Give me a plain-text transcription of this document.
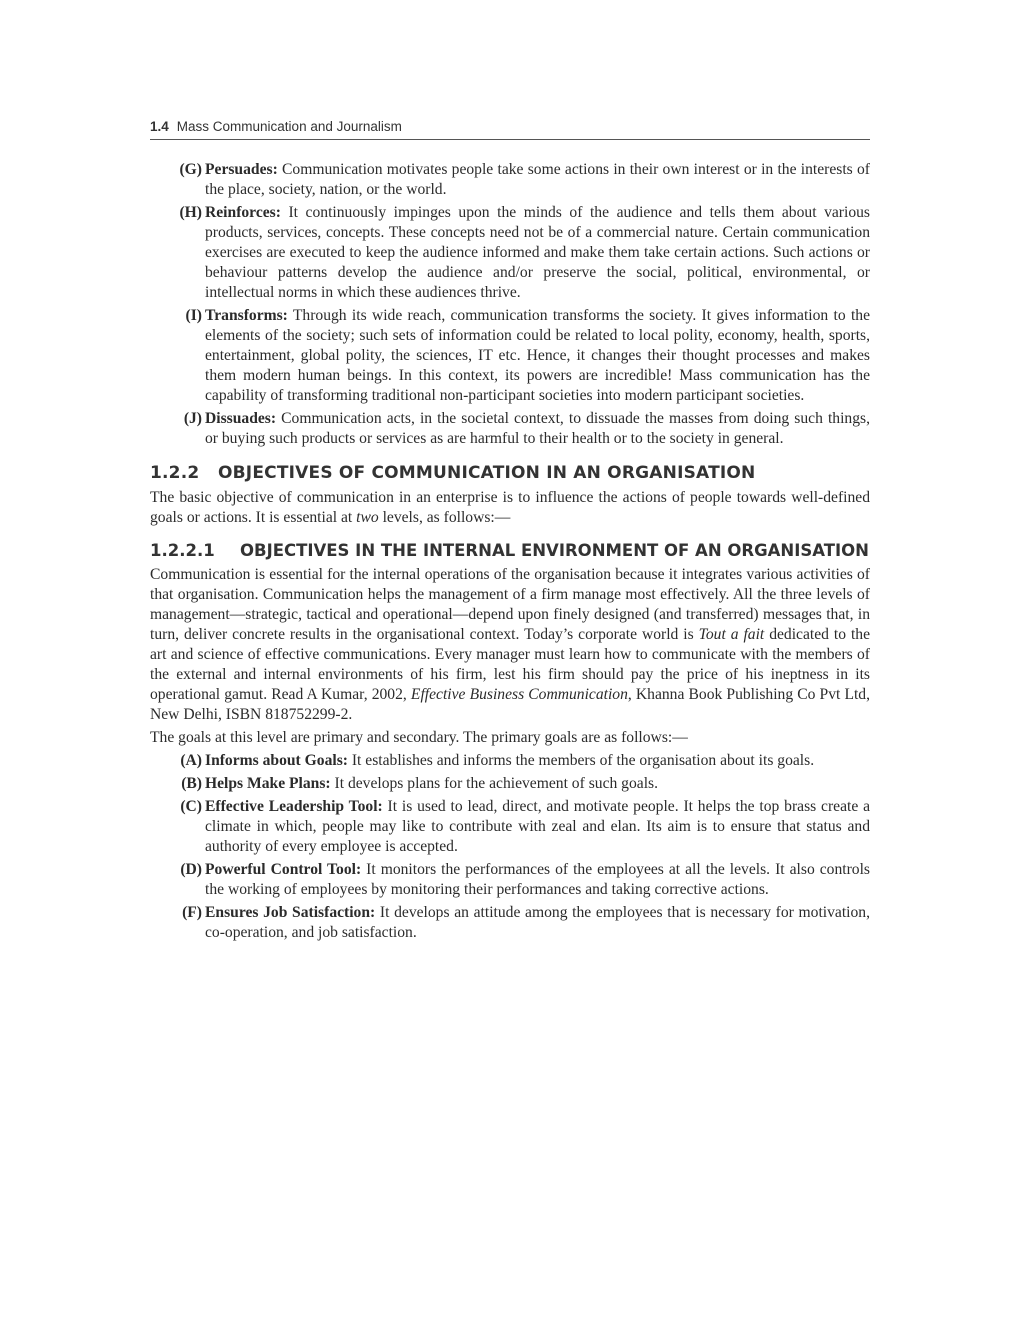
1.4 Mass Communication and Journalism
(G) Persuades: Communication motivates people take some actions in their own interest or in the interests of the place, society, nation, or the world.
(H) Reinforces: It continuously impinges upon the minds of the audience and tells them about various products, services, concepts. These concepts need not be of a commercial nature. Certain communication exercises are executed to keep the audience informed and make them take certain actions. Such actions or behaviour patterns develop the audience and/or preserve the social, political, environmental, or intellectual norms in which these audiences thrive.
(I) Transforms: Through its wide reach, communication transforms the society. It gives information to the elements of the society; such sets of information could be related to local polity, economy, health, sports, entertainment, global polity, the sciences, IT etc. Hence, it changes their thought processes and makes them modern human beings. In this context, its powers are incredible! Mass communication has the capability of transforming traditional non-participant societies into modern participant societies.
(J) Dissuades: Communication acts, in the societal context, to dissuade the masses from doing such things, or buying such products or services as are harmful to their health or to the society in general.
1.2.2 OBJECTIVES OF COMMUNICATION IN AN ORGANISATION

The basic objective of communication in an enterprise is to influence the actions of people towards well-defined goals or actions. It is essential at two levels, as follows:—

1.2.2.1 OBJECTIVES IN THE INTERNAL ENVIRONMENT OF AN ORGANISATION

Communication is essential for the internal operations of the organisation because it integrates various activities of that organisation. Communication helps the management of a firm manage most effectively. All the three levels of management—strategic, tactical and operational—depend upon finely designed (and transferred) messages that, in turn, deliver concrete results in the organisational context. Today’s corporate world is Tout a fait dedicated to the art and science of effective communications. Every manager must learn how to communicate with the members of the external and internal environments of his firm, lest his firm should pay the price of his ineptness in its operational gamut. Read A Kumar, 2002, Effective Business Communication, Khanna Book Publishing Co Pvt Ltd, New Delhi, ISBN 818752299-2.

The goals at this level are primary and secondary. The primary goals are as follows:—

(A) Informs about Goals: It establishes and informs the members of the organisation about its goals.
(B) Helps Make Plans: It develops plans for the achievement of such goals.
(C) Effective Leadership Tool: It is used to lead, direct, and motivate people. It helps the top brass create a climate in which, people may like to contribute with zeal and elan. Its aim is to ensure that status and authority of every employee is accepted.
(D) Powerful Control Tool: It monitors the performances of the employees at all the levels. It also controls the working of employees by monitoring their performances and taking corrective actions.
(F) Ensures Job Satisfaction: It develops an attitude among the employees that is necessary for motivation, co-operation, and job satisfaction.
